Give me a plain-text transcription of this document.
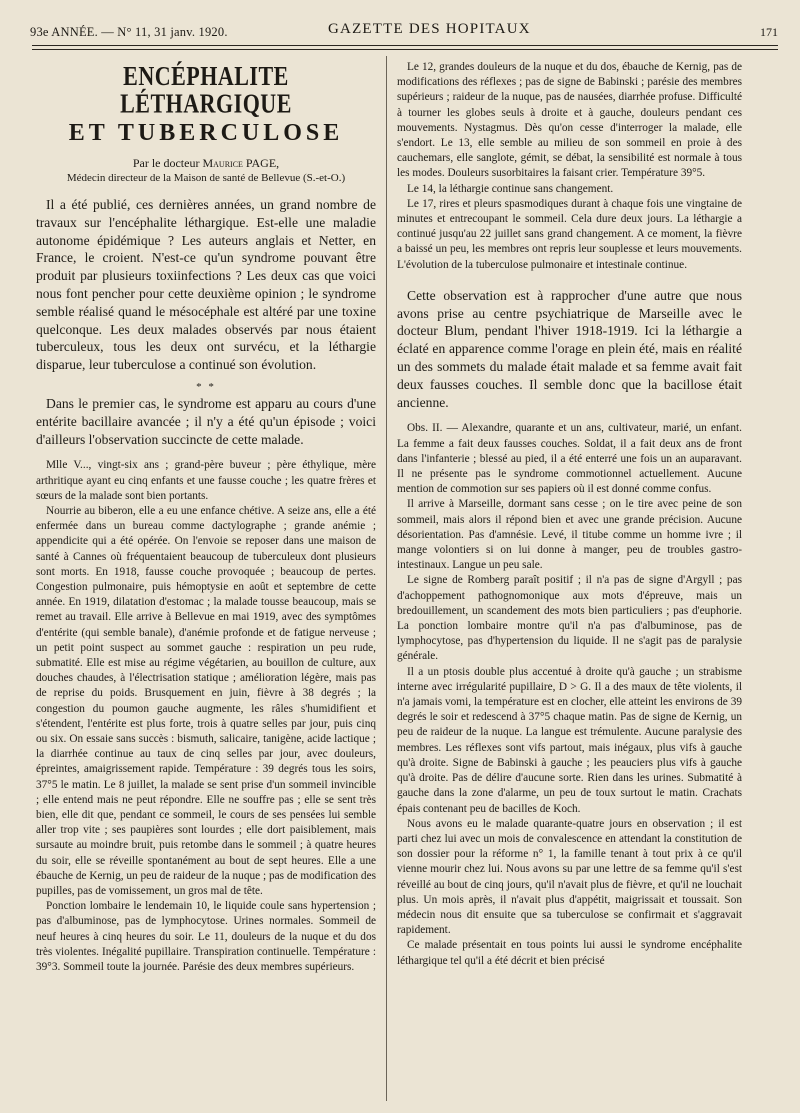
93e ANNÉE. — N° 11, 31 janv. 1920.	GAZETTE DES HOPITAUX	171
ENCÉPHALITE LÉTHARGIQUE
ET TUBERCULOSE
Par le docteur Maurice PAGE,
Médecin directeur de la Maison de santé de Bellevue (S.-et-O.)

Il a été publié, ces dernières années, un grand nombre de travaux sur l'encéphalite léthargique. Est-elle une maladie autonome épidémique ? Les auteurs anglais et Netter, en France, le croient. N'est-ce qu'un syndrome pouvant être produit par plusieurs toxiinfections ? Les deux cas que voici nous font pencher pour cette deuxième opinion ; le syndrome semble réalisé quand le mésocéphale est altéré par une toxine quelconque. Les deux malades observés par nous étaient tuberculeux, tous les deux ont survécu, et la léthargie disparue, leur tuberculose a continué son évolution.

* *

Dans le premier cas, le syndrome est apparu au cours d'une entérite bacillaire avancée ; il n'y a été qu'un épisode ; voici d'ailleurs l'observation succincte de cette malade.

Mlle V..., vingt-six ans ; grand-père buveur ; père éthylique, mère arthritique ayant eu cinq enfants et une fausse couche ; les quatre frères et sœurs de la malade sont bien portants.

Nourrie au biberon, elle a eu une enfance chétive. A seize ans, elle a été enfermée dans un bureau comme dactylographe ; grande anémie ; appendicite qui a été opérée. On l'envoie se reposer dans une maison de santé à Cannes où fréquentaient beaucoup de tuberculeux dont plusieurs sont morts. En 1918, fausse couche provoquée ; beaucoup de pertes. Congestion pulmonaire, puis hémoptysie en août et septembre de cette année. En 1919, dilatation d'estomac ; la malade tousse beaucoup, mais se remet au travail. Elle arrive à Bellevue en mai 1919, avec des symptômes d'entérite (qui semble banale), d'anémie profonde et de fatigue nerveuse ; un petit point suspect au sommet gauche : respiration un peu rude, submatité. Elle est mise au régime végétarien, au bouillon de culture, aux douches chaudes, à l'électrisation statique ; amélioration légère, mais pas de reprise du poids. Brusquement en juin, fièvre à 38 degrés ; la congestion du poumon gauche augmente, les râles s'humidifient et s'étendent, l'entérite est plus forte, trois à quatre selles par jour, puis cinq ou six. On essaie sans succès : bismuth, salicaire, tanigène, acide lactique ; la diarrhée continue au taux de cinq selles par jour, avec douleurs, épreintes, amaigrissement rapide. Température : 39 degrés tous les soirs, 37°5 le matin. Le 8 juillet, la malade se sent prise d'un sommeil invincible ; elle entend mais ne peut répondre. Elle ne souffre pas ; elle se sent très bien, elle dit que, pendant ce sommeil, le cours de ses pensées lui semble aller trop vite ; ses paupières sont lourdes ; elle dort paisiblement, mais sursaute au moindre bruit, puis retombe dans le sommeil ; à quatre heures du soir, elle se réveille spontanément au bout de sept heures. Elle a une ébauche de Kernig, un peu de raideur de la nuque ; pas de modification des pupilles, pas de vomissement, un gros mal de tête.

Ponction lombaire le lendemain 10, le liquide coule sans hypertension ; pas d'albuminose, pas de lymphocytose. Urines normales. Sommeil de neuf heures à cinq heures du soir. Le 11, douleurs de la nuque et du dos très violentes. Inégalité pupillaire. Transpiration continuelle. Température : 39°3. Sommeil toute la journée. Parésie des deux membres supérieurs.

Le 12, grandes douleurs de la nuque et du dos, ébauche de Kernig, pas de modifications des réflexes ; pas de signe de Babinski ; parésie des membres supérieurs ; raideur de la nuque, pas de nausées, diarrhée profuse. Difficulté à tourner les globes seuls à droite et à gauche, douleurs pendant ces mouvements. Nystagmus. Dès qu'on cesse d'interroger la malade, elle s'endort. Le 13, elle semble au milieu de son sommeil en proie à des cauchemars, elle sanglote, gémit, se débat, la sensibilité est normale à tous les modes. Douleurs susorbitaires la faisant crier. Température 39°5.

Le 14, la léthargie continue sans changement.

Le 17, rires et pleurs spasmodiques durant à chaque fois une vingtaine de minutes et entrecoupant le sommeil. Cela dure deux jours. La léthargie a continué jusqu'au 22 juillet sans grand changement. A ce moment, la fièvre a baissé un peu, les membres ont repris leur souplesse et leurs mouvements. L'évolution de la tuberculose pulmonaire et intestinale continue.

Cette observation est à rapprocher d'une autre que nous avons prise au centre psychiatrique de Marseille avec le docteur Blum, pendant l'hiver 1918-1919. Ici la léthargie a éclaté en apparence comme l'orage en plein été, mais en réalité un des sommets du malade était malade et sa femme avait fait deux fausses couches. Il semble donc que la bacillose était ancienne.

Obs. II. — Alexandre, quarante et un ans, cultivateur, marié, un enfant. La femme a fait deux fausses couches. Soldat, il a fait deux ans de front dans l'infanterie ; blessé au pied, il a été enterré une fois un an auparavant. Il ne présente pas le syndrome commotionnel actuellement. Aucune mention de commotion sur ses papiers où il est donné comme confus.

Il arrive à Marseille, dormant sans cesse ; on le tire avec peine de son sommeil, mais alors il répond bien et avec une grande précision. Aucune désorientation. Pas d'amnésie. Levé, il titube comme un homme ivre ; il mange volontiers si on lui donne à manger, peu de troubles gastro-intestinaux. Langue un peu sale.

Le signe de Romberg paraît positif ; il n'a pas de signe d'Argyll ; pas d'achoppement pathognomonique aux mots d'épreuve, mais un bredouillement, un scandement des mots bien particuliers ; pas d'euphorie. La ponction lombaire montre qu'il n'a pas d'albuminose, pas de lymphocytose, pas d'hypertension du liquide. Il ne s'agit pas de paralysie générale.

Il a un ptosis double plus accentué à droite qu'à gauche ; un strabisme interne avec irrégularité pupillaire, D > G. Il a des maux de tête violents, il n'a jamais vomi, la température est en clocher, elle atteint les environs de 39 degrés le soir et redescend à 37°5 chaque matin. Pas de signe de Kernig, un peu de raideur de la nuque. La langue est trémulente. Aucune paralysie des membres. Les réflexes sont vifs partout, mais inégaux, plus vifs à gauche qu'à droite. Signe de Babinski à gauche ; les peauciers plus vifs à gauche qu'à droite. Pas de délire d'aucune sorte. Rien dans les urines. Submatité à gauche dans la zone d'alarme, un peu de toux surtout le matin. Crachats épais contenant peu de bacilles de Koch.

Nous avons eu le malade quarante-quatre jours en observation ; il est parti chez lui avec un mois de convalescence en attendant la constitution de son dossier pour la réforme n° 1, la famille tenant à tout prix à ce qu'il vienne mourir chez lui. Nous avons su par une lettre de sa femme qu'il s'est réveillé au bout de cinq jours, qu'il n'avait plus de fièvre, et qu'il ne louchait plus. Un mois après, il n'avait plus d'appétit, maigrissait et toussait. Son médecin nous dit ensuite que sa tuberculose se confirmait et s'aggravait rapidement.

Ce malade présentait en tous points lui aussi le syndrome encéphalite léthargique tel qu'il a été décrit et bien précisé
